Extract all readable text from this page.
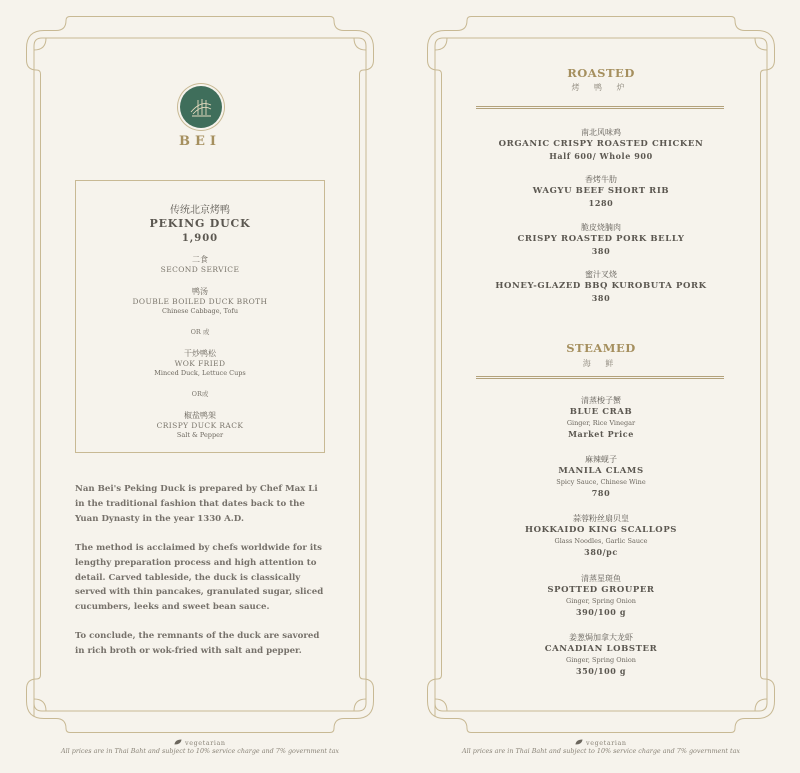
BEI
传统北京烤鸭
PEKING DUCK
1,900
二食
SECOND SERVICE
鸭汤
DOUBLE BOILED DUCK BROTH
Chinese Cabbage, Tofu
OR 或
干炒鸭松
WOK FRIED
Minced Duck, Lettuce Cups
OR或
椒盐鸭架
CRISPY DUCK RACK
Salt & Pepper
Nan Bei's Peking Duck is prepared by Chef Max Li in the traditional fashion that dates back to the Yuan Dynasty in the year 1330 A.D.
The method is acclaimed by chefs worldwide for its lengthy preparation process and high attention to detail. Carved tableside, the duck is classically served with thin pancakes, granulated sugar, sliced cucumbers, leeks and sweet bean sauce.
To conclude, the remnants of the duck are savored in rich broth or wok-fried with salt and pepper.
vegetarian
All prices are in Thai Baht and subject to 10% service charge and 7% government tax
ROASTED
烤 鸭 炉
南北风味鸡
ORGANIC CRISPY ROASTED CHICKEN
Half 600/ Whole 900
香烤牛肋
WAGYU BEEF SHORT RIB
1280
脆皮烧腩肉
CRISPY ROASTED PORK BELLY
380
蜜汁叉烧
HONEY-GLAZED BBQ KUROBUTA PORK
380
STEAMED
海 鲜
清蒸梭子蟹
BLUE CRAB
Ginger, Rice Vinegar
Market Price
麻辣蚬子
MANILA CLAMS
Spicy Sauce, Chinese Wine
780
蒜蓉粉丝扇贝皇
HOKKAIDO KING SCALLOPS
Glass Noodles, Garlic Sauce
380/pc
清蒸星斑鱼
SPOTTED GROUPER
Ginger, Spring Onion
390/100 g
姜葱焗加拿大龙虾
CANADIAN LOBSTER
Ginger, Spring Onion
350/100 g
vegetarian
All prices are in Thai Baht and subject to 10% service charge and 7% government tax
